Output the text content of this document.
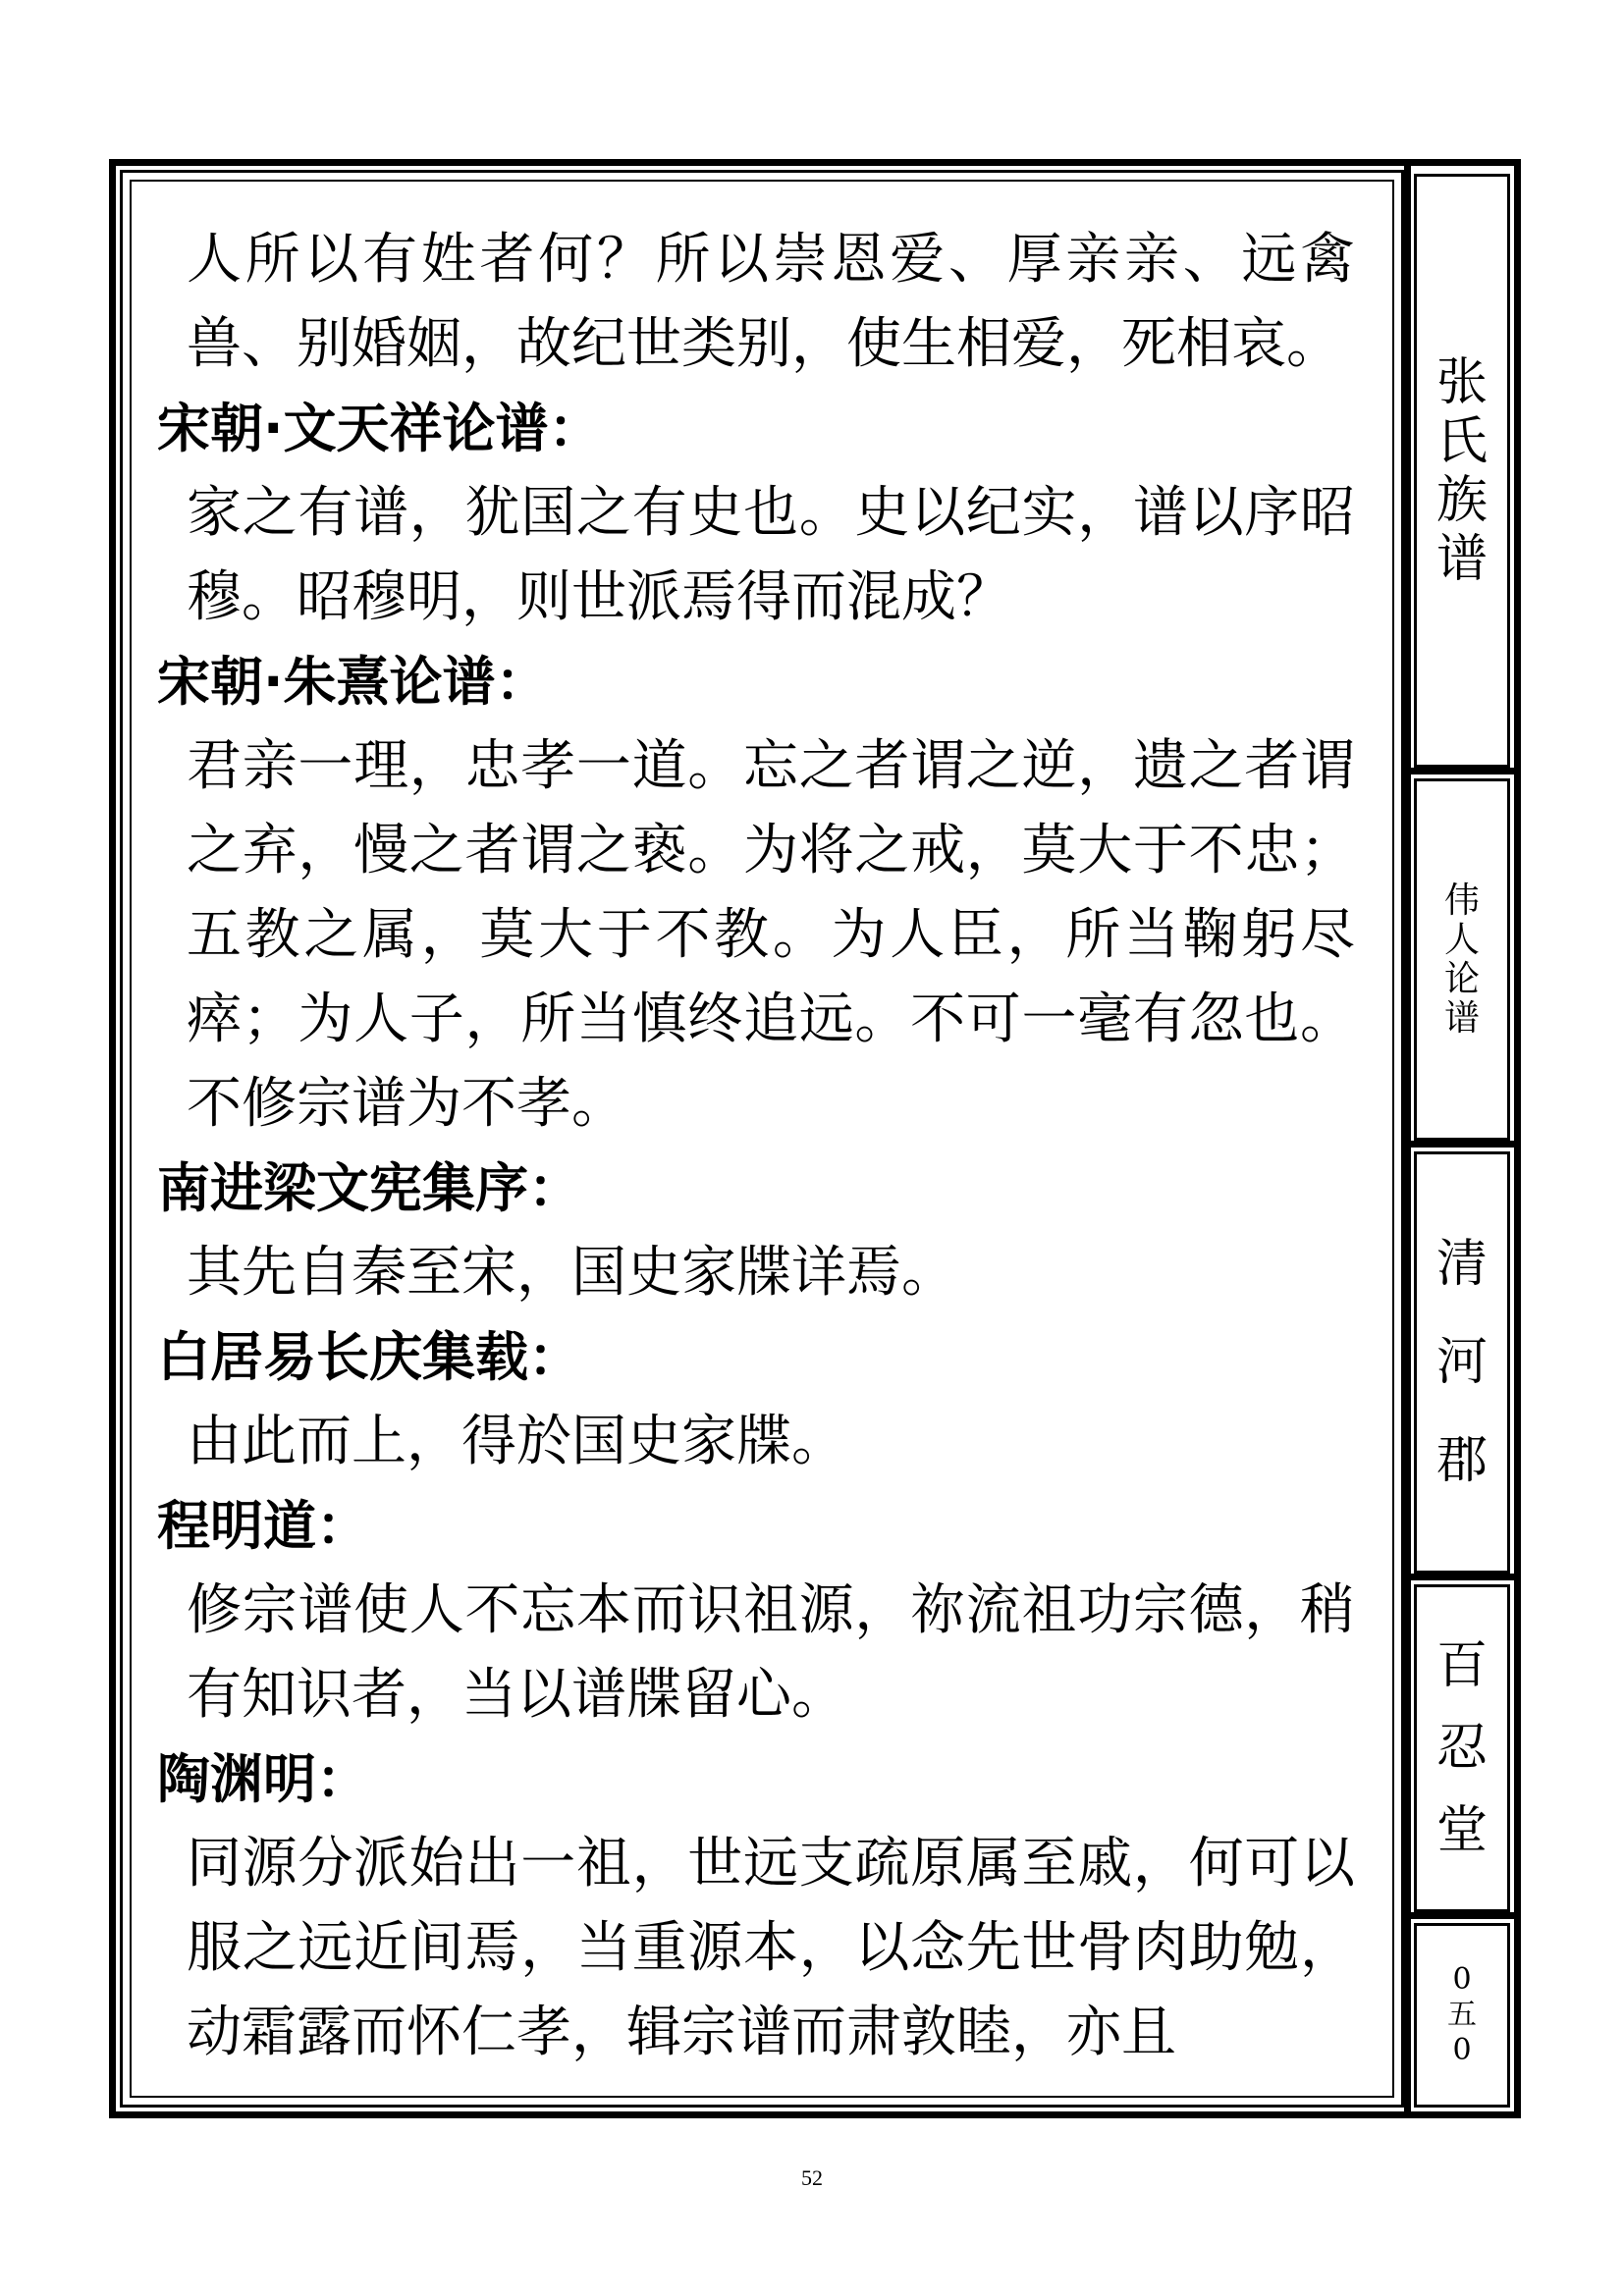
张
氏
族
谱
伟
人
论
谱
清
河
郡
百
忍
堂
0
五
0
人所以有姓者何？所以崇恩爱、厚亲亲、远禽兽、别婚姻，故纪世类别，使生相爱，死相哀。
宋朝·文天祥论谱：
家之有谱，犹国之有史也。史以纪实，谱以序昭穆。昭穆明，则世派焉得而混成？
宋朝·朱熹论谱：
君亲一理，忠孝一道。忘之者谓之逆，遗之者谓之弃，慢之者谓之亵。为将之戒，莫大于不忠；五教之属，莫大于不教。为人臣，所当鞠躬尽瘁；为人子，所当慎终追远。不可一毫有忽也。不修宗谱为不孝。
南进梁文宪集序：
其先自秦至宋，国史家牒详焉。
白居易长庆集载：
由此而上，得於国史家牒。
程明道：
修宗谱使人不忘本而识祖源，祢流祖功宗德，稍有知识者，当以谱牒留心。
陶渊明：
同源分派始出一祖，世远支疏原属至戚，何可以服之远近间焉，当重源本，以念先世骨肉助勉，动霜露而怀仁孝，辑宗谱而肃敦睦，亦且
52
